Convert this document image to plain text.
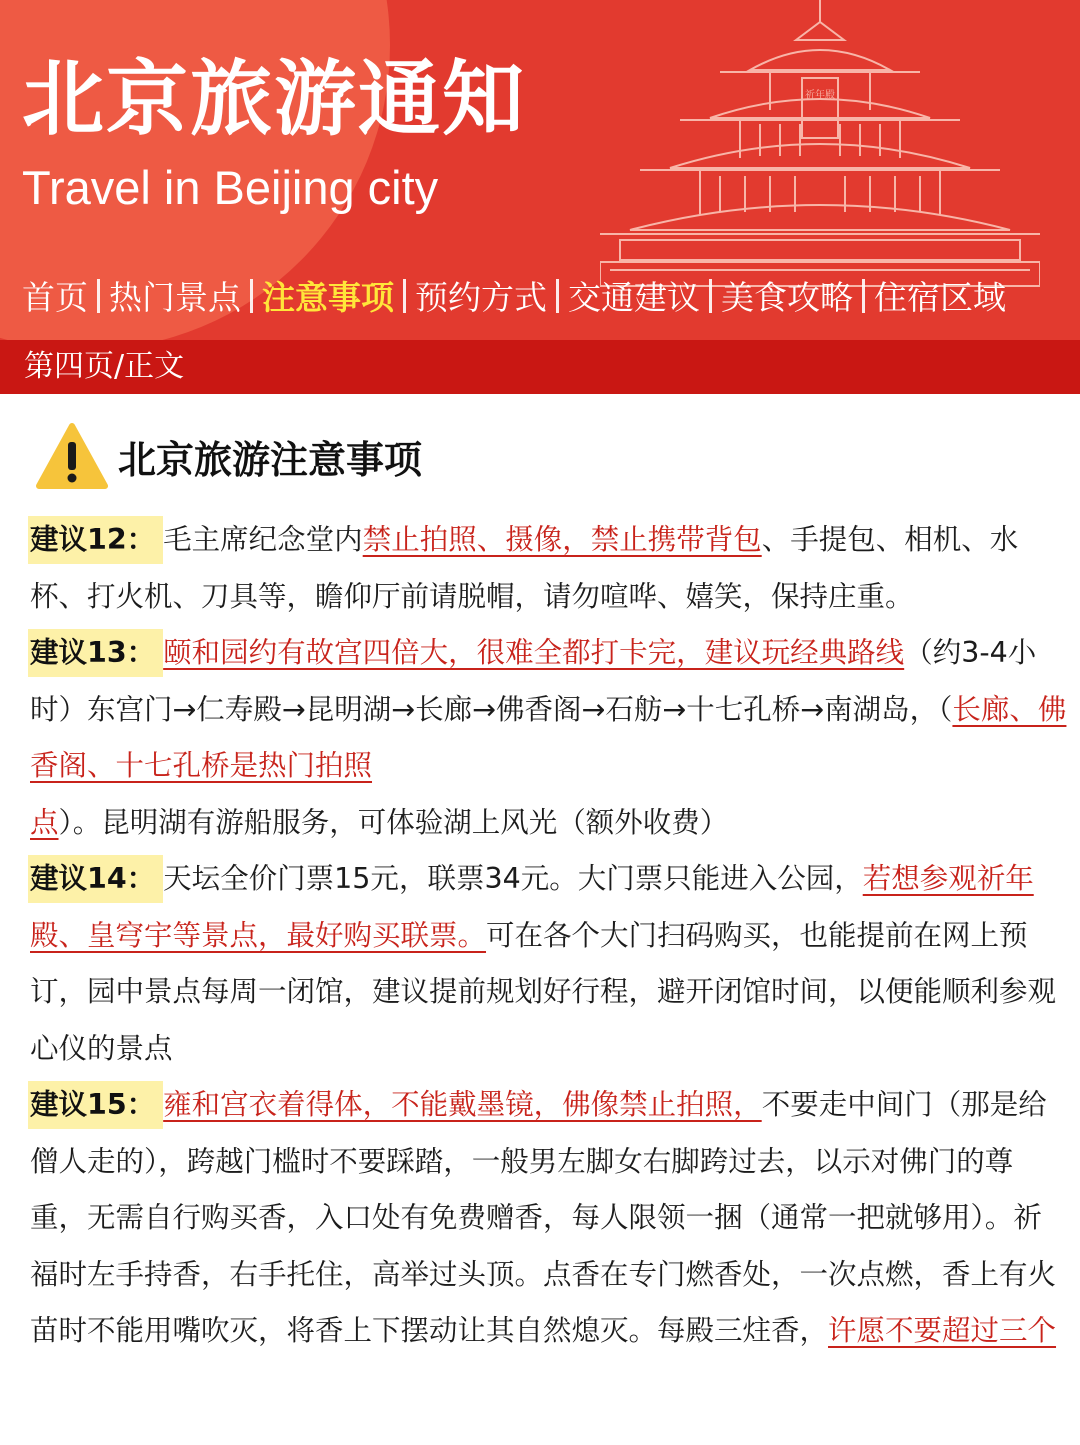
祈年殿
北京旅游通知
Travel in Beijing city
首页 热门景点 注意事项 预约方式 交通建议 美食攻略 住宿区域
第四页/正文
北京旅游注意事项

建议12： 毛主席纪念堂内禁止拍照、摄像，禁止携带背包、手提包、相机、水杯、打火机、刀具等，瞻仰厅前请脱帽，请勿喧哗、嬉笑，保持庄重。

建议13： 颐和园约有故宫四倍大，很难全都打卡完，建议玩经典路线（约3-4小时）东宫门→仁寿殿→昆明湖→长廊→佛香阁→石舫→十七孔桥→南湖岛，（长廊、佛香阁、十七孔桥是热门拍照点）。昆明湖有游船服务，可体验湖上风光（额外收费）

建议14： 天坛全价门票15元，联票34元。大门票只能进入公园，若想参观祈年殿、皇穹宇等景点，最好购买联票。可在各个大门扫码购买，也能提前在网上预订，园中景点每周一闭馆，建议提前规划好行程，避开闭馆时间，以便能顺利参观心仪的景点

建议15： 雍和宫衣着得体，不能戴墨镜，佛像禁止拍照，不要走中间门（那是给僧人走的），跨越门槛时不要踩踏，一般男左脚女右脚跨过去，以示对佛门的尊重，无需自行购买香，入口处有免费赠香，每人限领一捆（通常一把就够用）。祈福时左手持香，右手托住，高举过头顶。点香在专门燃香处，一次点燃，香上有火苗时不能用嘴吹灭，将香上下摆动让其自然熄灭。每殿三炷香，许愿不要超过三个
